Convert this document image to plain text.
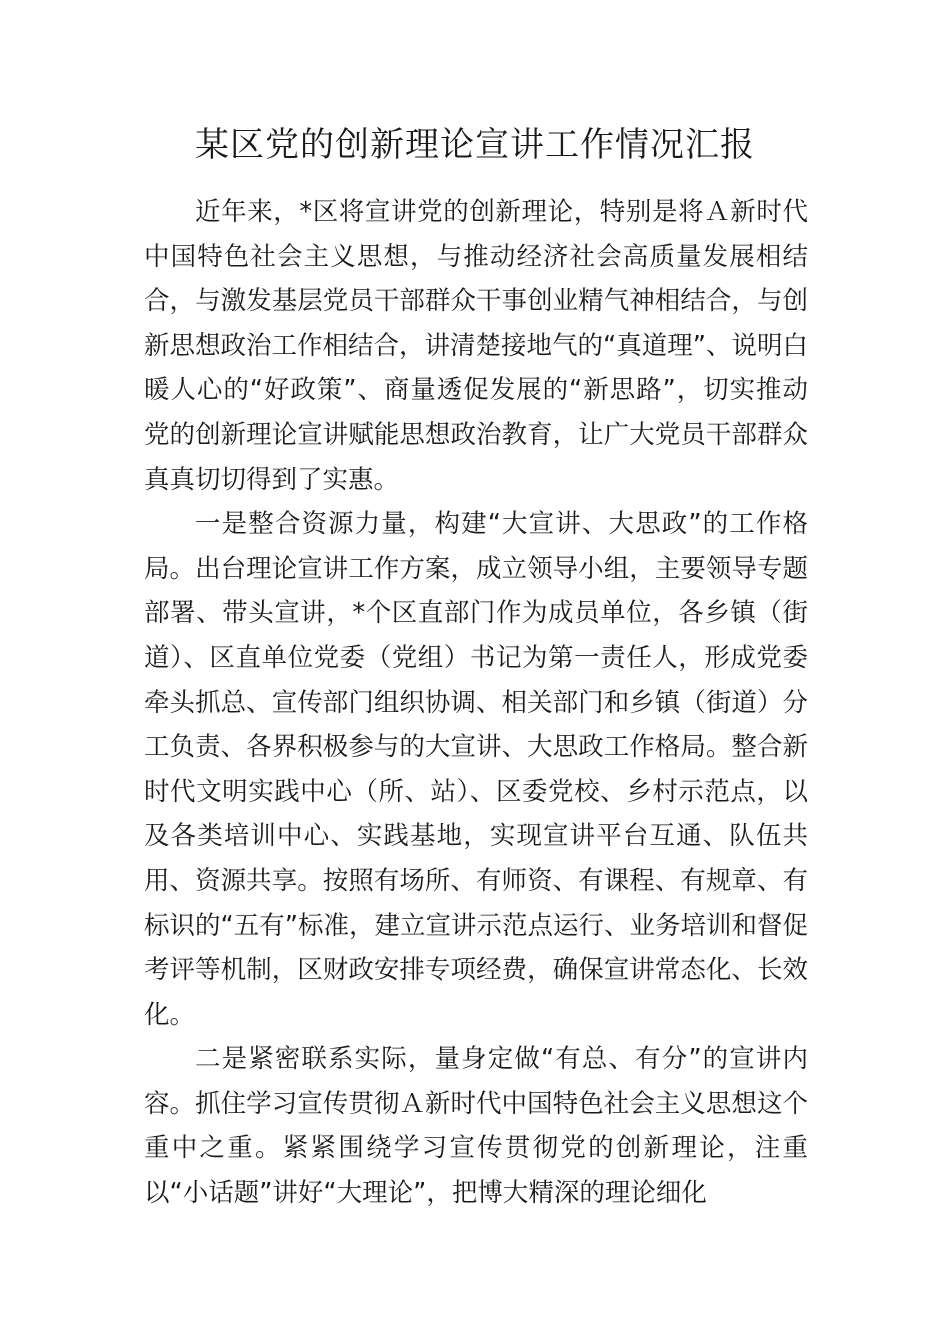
某区党的创新理论宣讲工作情况汇报

近年来，*区将宣讲党的创新理论，特别是将Ａ新时代中国特色社会主义思想，与推动经济社会高质量发展相结合，与激发基层党员干部群众干事创业精气神相结合，与创新思想政治工作相结合，讲清楚接地气的“真道理”、说明白暖人心的“好政策”、商量透促发展的“新思路”，切实推动党的创新理论宣讲赋能思想政治教育，让广大党员干部群众真真切切得到了实惠。

一是整合资源力量，构建“大宣讲、大思政”的工作格局。出台理论宣讲工作方案，成立领导小组，主要领导专题部署、带头宣讲，*个区直部门作为成员单位，各乡镇（街道）、区直单位党委（党组）书记为第一责任人，形成党委牵头抓总、宣传部门组织协调、相关部门和乡镇（街道）分工负责、各界积极参与的大宣讲、大思政工作格局。整合新时代文明实践中心（所、站）、区委党校、乡村示范点，以及各类培训中心、实践基地，实现宣讲平台互通、队伍共用、资源共享。按照有场所、有师资、有课程、有规章、有标识的“五有”标准，建立宣讲示范点运行、业务培训和督促考评等机制，区财政安排专项经费，确保宣讲常态化、长效化。

二是紧密联系实际，量身定做“有总、有分”的宣讲内容。抓住学习宣传贯彻Ａ新时代中国特色社会主义思想这个重中之重。紧紧围绕学习宣传贯彻党的创新理论，注重以“小话题”讲好“大理论”，把博大精深的理论细化
